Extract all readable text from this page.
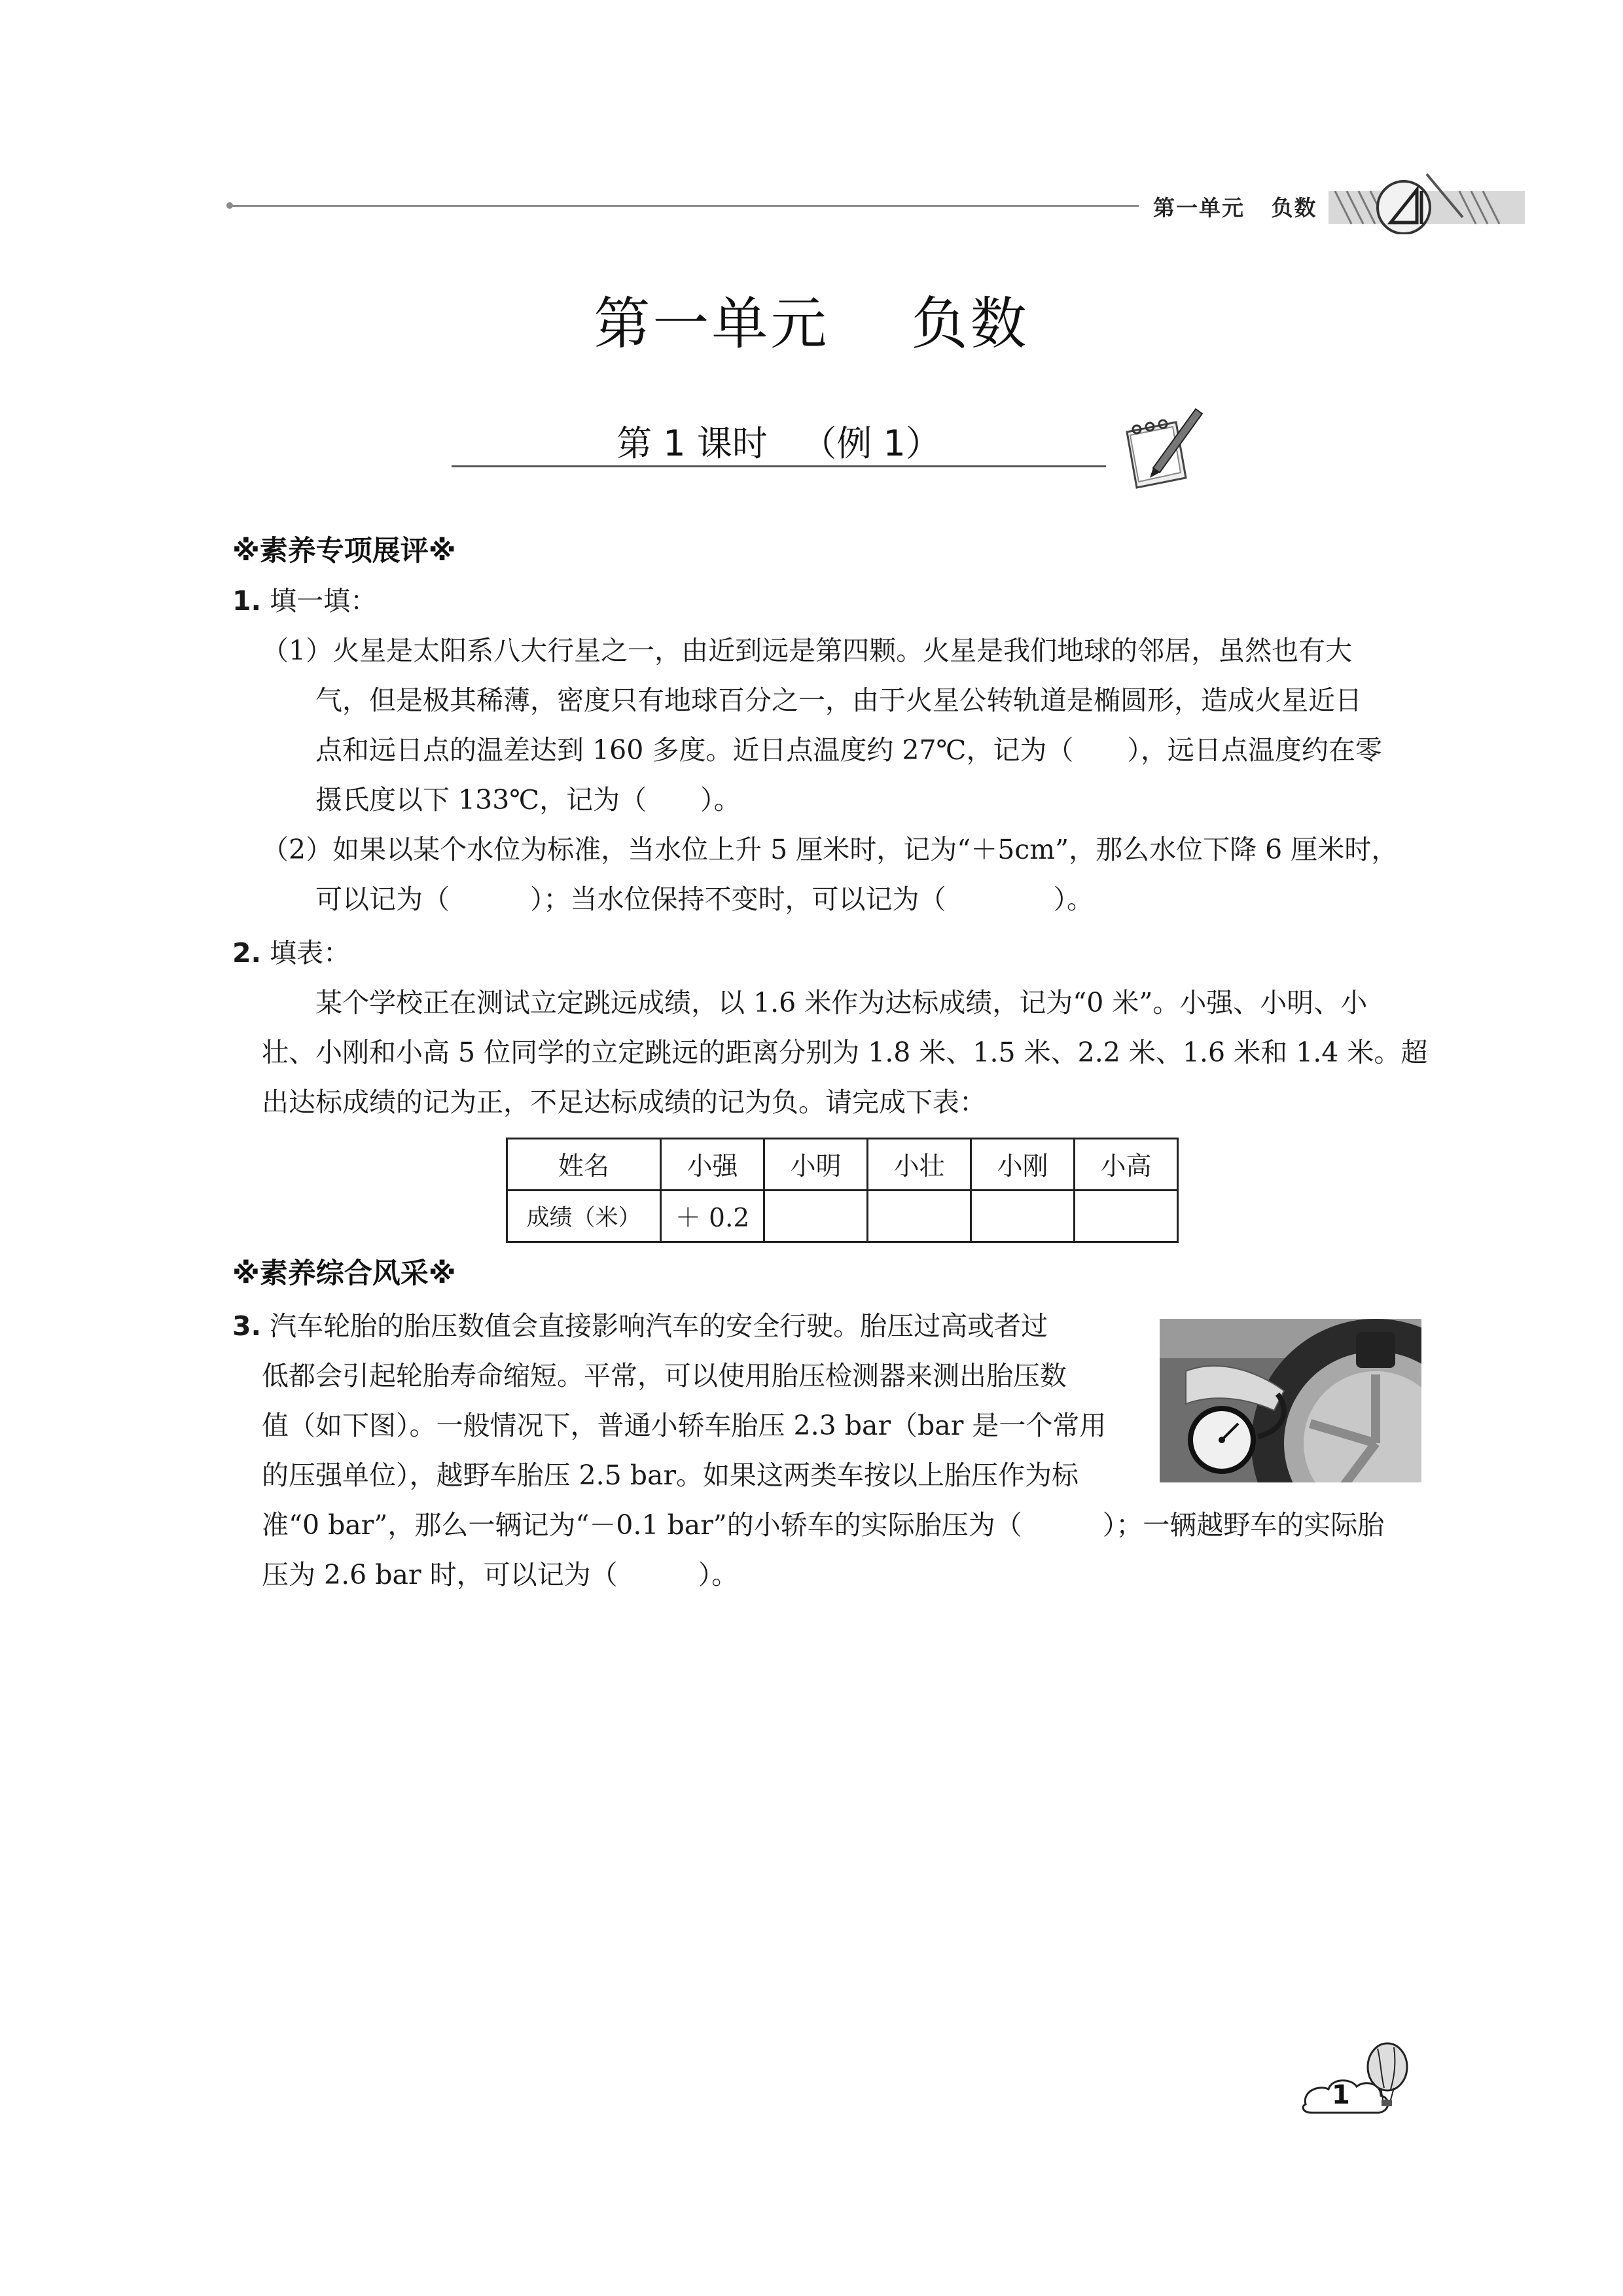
第一单元   负数
第一单元    负数
第 1 课时   （例 1）
※素养专项展评※
1. 填一填：
（1）火星是太阳系八大行星之一，由近到远是第四颗。火星是我们地球的邻居，虽然也有大
气，但是极其稀薄，密度只有地球百分之一，由于火星公转轨道是椭圆形，造成火星近日
点和远日点的温差达到 160 多度。近日点温度约 27℃，记为（　　），远日点温度约在零
摄氏度以下 133℃，记为（　　）。
（2）如果以某个水位为标准，当水位上升 5 厘米时，记为“＋5cm”，那么水位下降 6 厘米时，
可以记为（　　　）；当水位保持不变时，可以记为（　　　　）。
2. 填表：
某个学校正在测试立定跳远成绩，以 1.6 米作为达标成绩，记为“0 米”。小强、小明、小
壮、小刚和小高 5 位同学的立定跳远的距离分别为 1.8 米、1.5 米、2.2 米、1.6 米和 1.4 米。超
出达标成绩的记为正，不足达标成绩的记为负。请完成下表：
姓名	小强	小明	小壮	小刚	小高
成绩（米）	＋ 0.2				
※素养综合风采※
3. 汽车轮胎的胎压数值会直接影响汽车的安全行驶。胎压过高或者过
低都会引起轮胎寿命缩短。平常，可以使用胎压检测器来测出胎压数
值（如下图）。一般情况下，普通小轿车胎压 2.3 bar（bar 是一个常用
的压强单位），越野车胎压 2.5 bar。如果这两类车按以上胎压作为标
准“0 bar”，那么一辆记为“－0.1 bar”的小轿车的实际胎压为（　　　）；一辆越野车的实际胎
压为 2.6 bar 时，可以记为（　　　）。
1
